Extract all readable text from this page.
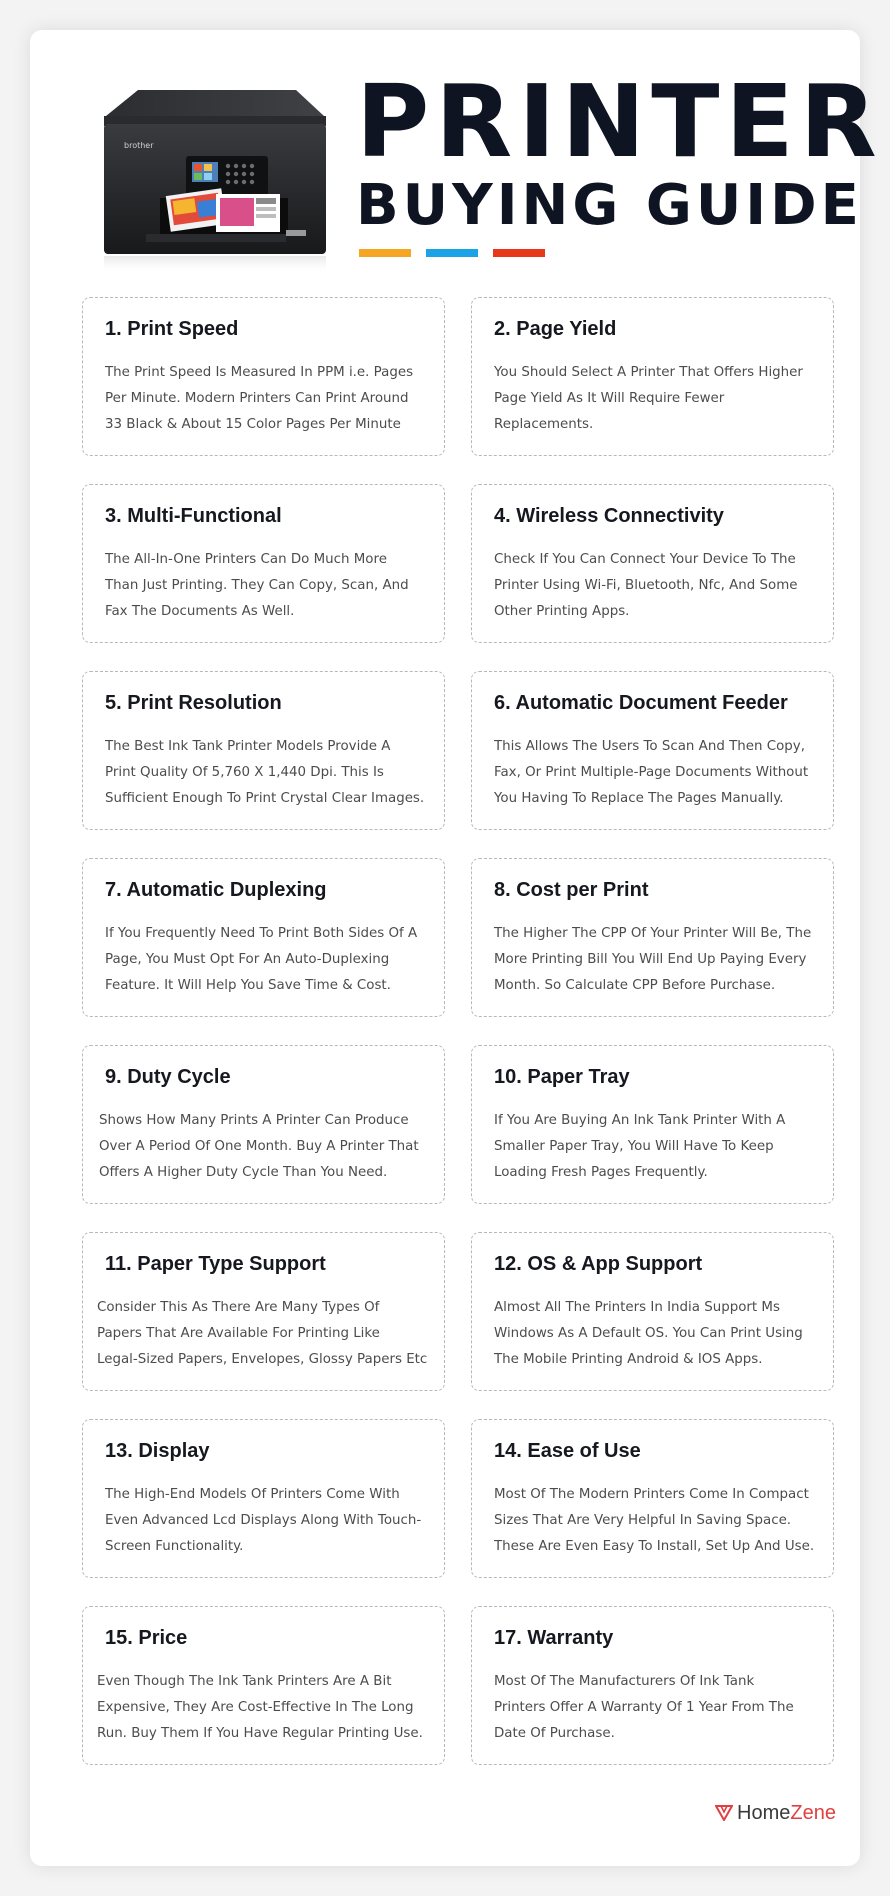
brother PRINTER
BUYING GUIDE
1. Print Speed
The Print Speed Is Measured In PPM i.e. Pages
Per Minute. Modern Printers Can Print Around
33 Black & About 15 Color Pages Per Minute
2. Page Yield
You Should Select A Printer That Offers Higher
Page Yield As It Will Require Fewer
Replacements.
3. Multi-Functional
The All-In-One Printers Can Do Much More
Than Just Printing. They Can Copy, Scan, And
Fax The Documents As Well.
4. Wireless Connectivity
Check If You Can Connect Your Device To The
Printer Using Wi-Fi, Bluetooth, Nfc, And Some
Other Printing Apps.
5. Print Resolution
The Best Ink Tank Printer Models Provide A
Print Quality Of 5,760 X 1,440 Dpi. This Is
Sufficient Enough To Print Crystal Clear Images.
6. Automatic Document Feeder
This Allows The Users To Scan And Then Copy,
Fax, Or Print Multiple-Page Documents Without
You Having To Replace The Pages Manually.
7. Automatic Duplexing
If You Frequently Need To Print Both Sides Of A
Page, You Must Opt For An Auto-Duplexing
Feature. It Will Help You Save Time & Cost.
8. Cost per Print
The Higher The CPP Of Your Printer Will Be, The
More Printing Bill You Will End Up Paying Every
Month. So Calculate CPP Before Purchase.
9. Duty Cycle
Shows How Many Prints A Printer Can Produce
Over A Period Of One Month. Buy A Printer That
Offers A Higher Duty Cycle Than You Need.
10. Paper Tray
If You Are Buying An Ink Tank Printer With A
Smaller Paper Tray, You Will Have To Keep
Loading Fresh Pages Frequently.
11. Paper Type Support
Consider This As There Are Many Types Of
Papers That Are Available For Printing Like
Legal-Sized Papers, Envelopes, Glossy Papers Etc
12. OS & App Support
Almost All The Printers In India Support Ms
Windows As A Default OS. You Can Print Using
The Mobile Printing Android & IOS Apps.
13. Display
The High-End Models Of Printers Come With
Even Advanced Lcd Displays Along With Touch-
Screen Functionality.
14. Ease of Use
Most Of The Modern Printers Come In Compact
Sizes That Are Very Helpful In Saving Space.
These Are Even Easy To Install, Set Up And Use.
15. Price
Even Though The Ink Tank Printers Are A Bit
Expensive, They Are Cost-Effective In The Long
Run. Buy Them If You Have Regular Printing Use.
17. Warranty
Most Of The Manufacturers Of Ink Tank
Printers Offer A Warranty Of 1 Year From The
Date Of Purchase.
Home Zene
